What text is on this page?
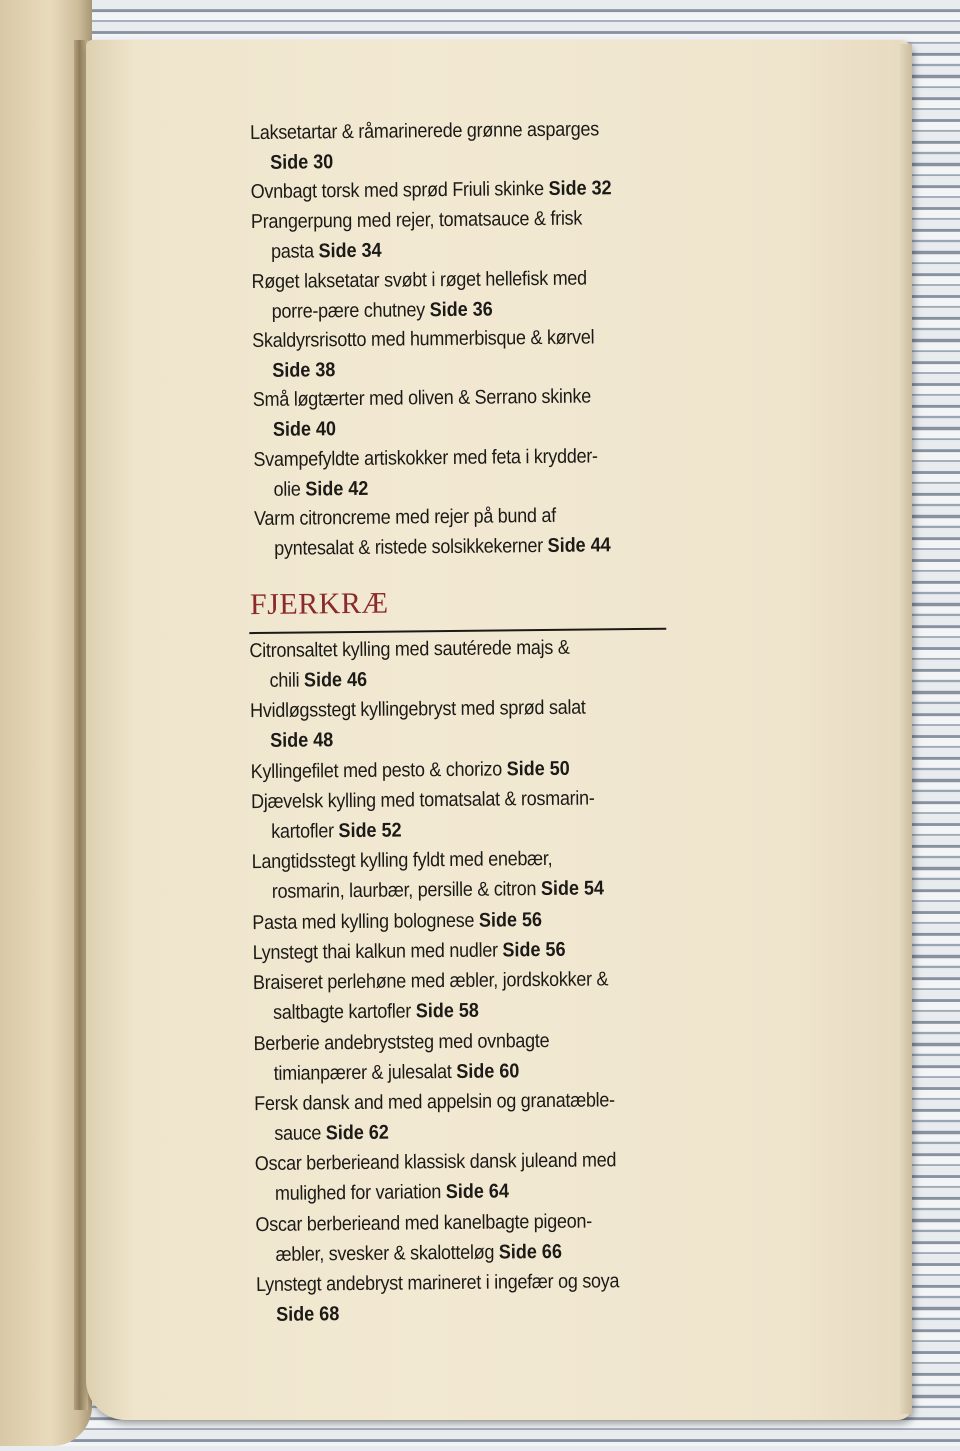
Laksetartar & råmarinerede grønne asparges
Side 30
Ovnbagt torsk med sprød Friuli skinke Side 32
Prangerpung med rejer, tomatsauce & frisk
pasta Side 34
Røget laksetatar svøbt i røget hellefisk med
porre-pære chutney Side 36
Skaldyrsrisotto med hummerbisque & kørvel
Side 38
Små løgtærter med oliven & Serrano skinke
Side 40
Svampefyldte artiskokker med feta i krydder-
olie Side 42
Varm citroncreme med rejer på bund af
pyntesalat & ristede solsikkekerner Side 44
FJERKRÆ
Citronsaltet kylling med sautérede majs &
chili Side 46
Hvidløgsstegt kyllingebryst med sprød salat
Side 48
Kyllingefilet med pesto & chorizo Side 50
Djævelsk kylling med tomatsalat & rosmarin-
kartofler Side 52
Langtidsstegt kylling fyldt med enebær,
rosmarin, laurbær, persille & citron Side 54
Pasta med kylling bolognese Side 56
Lynstegt thai kalkun med nudler Side 56
Braiseret perlehøne med æbler, jordskokker &
saltbagte kartofler Side 58
Berberie andebryststeg med ovnbagte
timianpærer & julesalat Side 60
Fersk dansk and med appelsin og granatæble-
sauce Side 62
Oscar berberieand klassisk dansk juleand med
mulighed for variation Side 64
Oscar berberieand med kanelbagte pigeon-
æbler, svesker & skalotteløg Side 66
Lynstegt andebryst marineret i ingefær og soya
Side 68
